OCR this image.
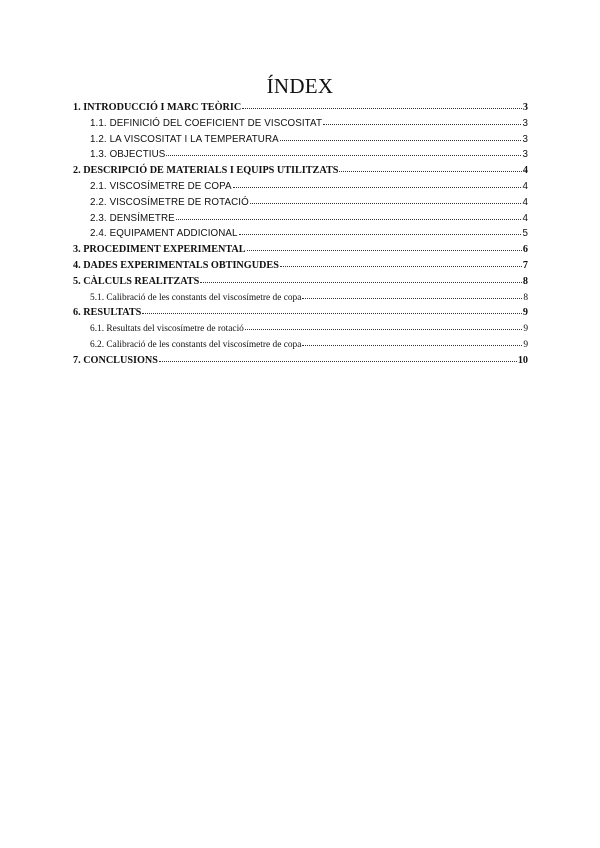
ÍNDEX
1. INTRODUCCIÓ I MARC TEÒRIC	3
1.1. DEFINICIÓ DEL COEFICIENT DE VISCOSITAT	3
1.2. LA VISCOSITAT I LA TEMPERATURA	3
1.3. OBJECTIUS	3
2. DESCRIPCIÓ DE MATERIALS I EQUIPS UTILITZATS	4
2.1. VISCOSÍMETRE DE COPA	4
2.2. VISCOSÍMETRE DE ROTACIÓ	4
2.3. DENSÍMETRE	4
2.4. EQUIPAMENT ADDICIONAL	5
3. PROCEDIMENT EXPERIMENTAL	6
4. DADES EXPERIMENTALS OBTINGUDES	7
5. CÀLCULS REALITZATS	8
5.1. Calibració de les constants del viscosímetre de copa	8
6. RESULTATS	9
6.1. Resultats del viscosímetre de rotació	9
6.2. Calibració de les constants del viscosímetre de copa	9
7. CONCLUSIONS	10
